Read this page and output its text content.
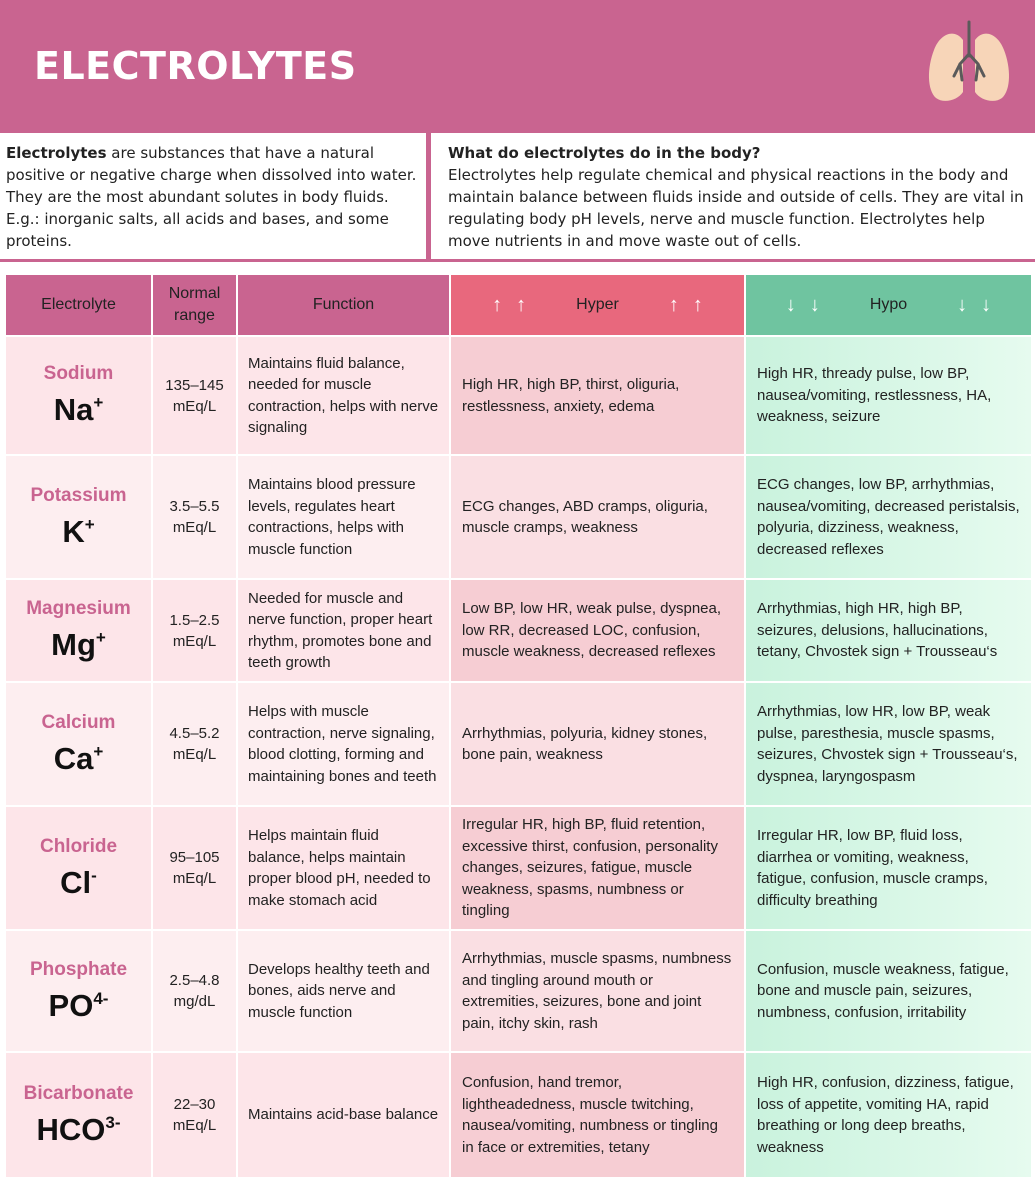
ELECTROLYTES
Electrolytes are substances that have a natural positive or negative charge when dissolved into water. They are the most abundant solutes in body fluids. E.g.: inorganic salts, all acids and bases, and some proteins.
What do electrolytes do in the body?
Electrolytes help regulate chemical and physical reactions in the body and maintain balance between fluids inside and outside of cells. They are vital in regulating body pH levels, nerve and muscle function. Electrolytes help move nutrients in and move waste out of cells.
Electrolyte	Normal range	Function	↑ ↑ Hyper ↑ ↑	↓ ↓ Hypo ↓ ↓

Sodium
Na+	135–145 mEq/L	Maintains fluid balance, needed for muscle contraction, helps with nerve signaling	High HR, high BP, thirst, oliguria, restlessness, anxiety, edema	High HR, thready pulse, low BP, nausea/vomiting, restlessness, HA, weakness, seizure

Potassium
K+	3.5–5.5 mEq/L	Maintains blood pressure levels, regulates heart contractions, helps with muscle function	ECG changes, ABD cramps, oliguria, muscle cramps, weakness	ECG changes, low BP, arrhythmias, nausea/vomiting, decreased peristalsis, polyuria, dizziness, weakness, decreased reflexes

Magnesium
Mg+	1.5–2.5 mEq/L	Needed for muscle and nerve function, proper heart rhythm, promotes bone and teeth growth	Low BP, low HR, weak pulse, dyspnea, low RR, decreased LOC, confusion, muscle weakness, decreased reflexes	Arrhythmias, high HR, high BP, seizures, delusions, hallucinations, tetany, Chvostek sign + Trousseau‘s

Calcium
Ca+	4.5–5.2 mEq/L	Helps with muscle contraction, nerve signaling, blood clotting, forming and maintaining bones and teeth	Arrhythmias, polyuria, kidney stones, bone pain, weakness	Arrhythmias, low HR, low BP, weak pulse, paresthesia, muscle spasms, seizures, Chvostek sign + Trousseau‘s, dyspnea, laryngospasm

Chloride
Cl-	95–105 mEq/L	Helps maintain fluid balance, helps maintain proper blood pH, needed to make stomach acid	Irregular HR, high BP, fluid retention, excessive thirst, confusion, personality changes, seizures, fatigue, muscle weakness, spasms, numbness or tingling	Irregular HR, low BP, fluid loss, diarrhea or vomiting, weakness, fatigue, confusion, muscle cramps, difficulty breathing

Phosphate
$PO^{4-}$	2.5–4.8 mg/dL	Develops healthy teeth and bones, aids nerve and muscle function	Arrhythmias, muscle spasms, numbness and tingling around mouth or extremities, seizures, bone and joint pain, itchy skin, rash	Confusion, muscle weakness, fatigue, bone and muscle pain, seizures, numbness, confusion, irritability

Bicarbonate
$HCO^{3-}$	22–30 mEq/L	Maintains acid-base balance	Confusion, hand tremor, lightheadedness, muscle twitching, nausea/vomiting, numbness or tingling in face or extremities, tetany	High HR, confusion, dizziness, fatigue, loss of appetite, vomiting HA, rapid breathing or long deep breaths, weakness
